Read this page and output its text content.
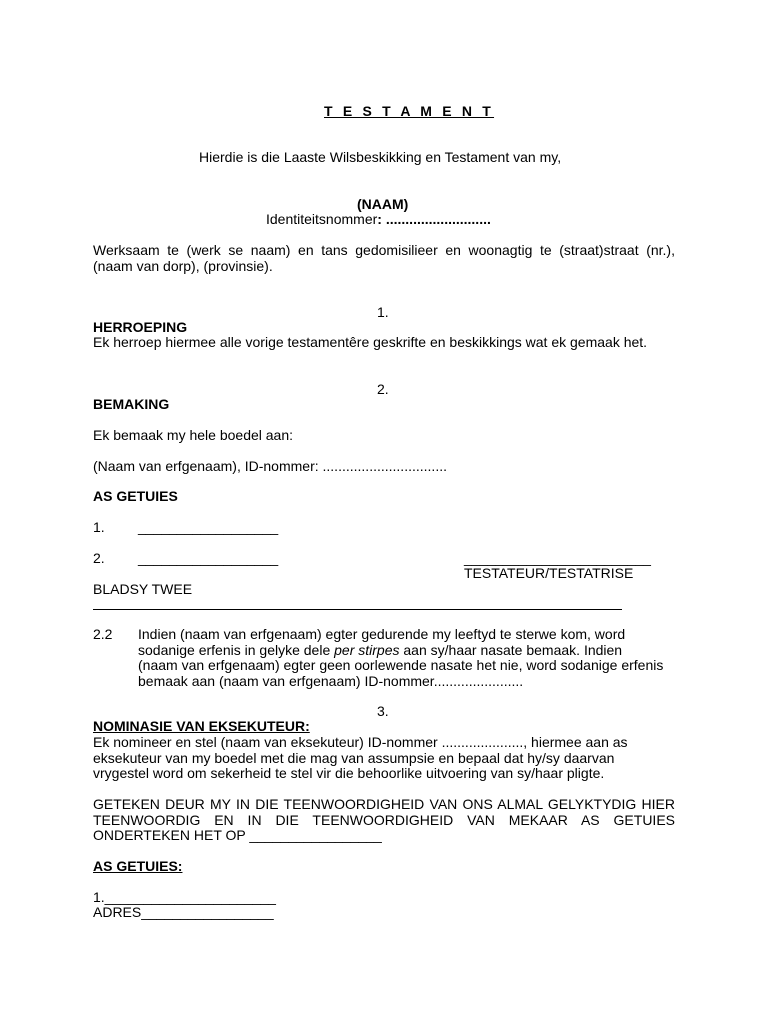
T E S T A M E N T
Hierdie is die Laaste Wilsbeskikking en Testament van my,
(NAAM)
Identiteitsnommer: ...........................
Werksaam te (werk se naam) en tans gedomisilieer en woonagtig te (straat)straat (nr.),
(naam van dorp), (provinsie).
1.
HERROEPING
Ek herroep hiermee alle vorige testamentêre geskrifte en beskikkings wat ek gemaak het.
2.
BEMAKING
Ek bemaak my hele boedel aan:
(Naam van erfgenaam), ID-nommer: ................................
AS GETUIES
1. __________________
2. __________________	________________________
TESTATEUR/TESTATRISE
BLADSY TWEE
2.2 Indien (naam van erfgenaam) egter gedurende my leeftyd te sterwe kom, word
sodanige erfenis in gelyke dele per stirpes aan sy/haar nasate bemaak. Indien
(naam van erfgenaam) egter geen oorlewende nasate het nie, word sodanige erfenis
bemaak aan (naam van erfgenaam) ID-nommer.......................
3.
NOMINASIE VAN EKSEKUTEUR:
Ek nomineer en stel (naam van eksekuteur) ID-nommer ....................., hiermee aan as
eksekuteur van my boedel met die mag van assumpsie en bepaal dat hy/sy daarvan
vrygestel word om sekerheid te stel vir die behoorlike uitvoering van sy/haar pligte.
GETEKEN DEUR MY IN DIE TEENWOORDIGHEID VAN ONS ALMAL GELYKTYDIG HIER
TEENWOORDIG EN IN DIE TEENWOORDIGHEID VAN MEKAAR AS GETUIES
ONDERTEKEN HET OP _________________
AS GETUIES:
1.______________________
ADRES_________________
